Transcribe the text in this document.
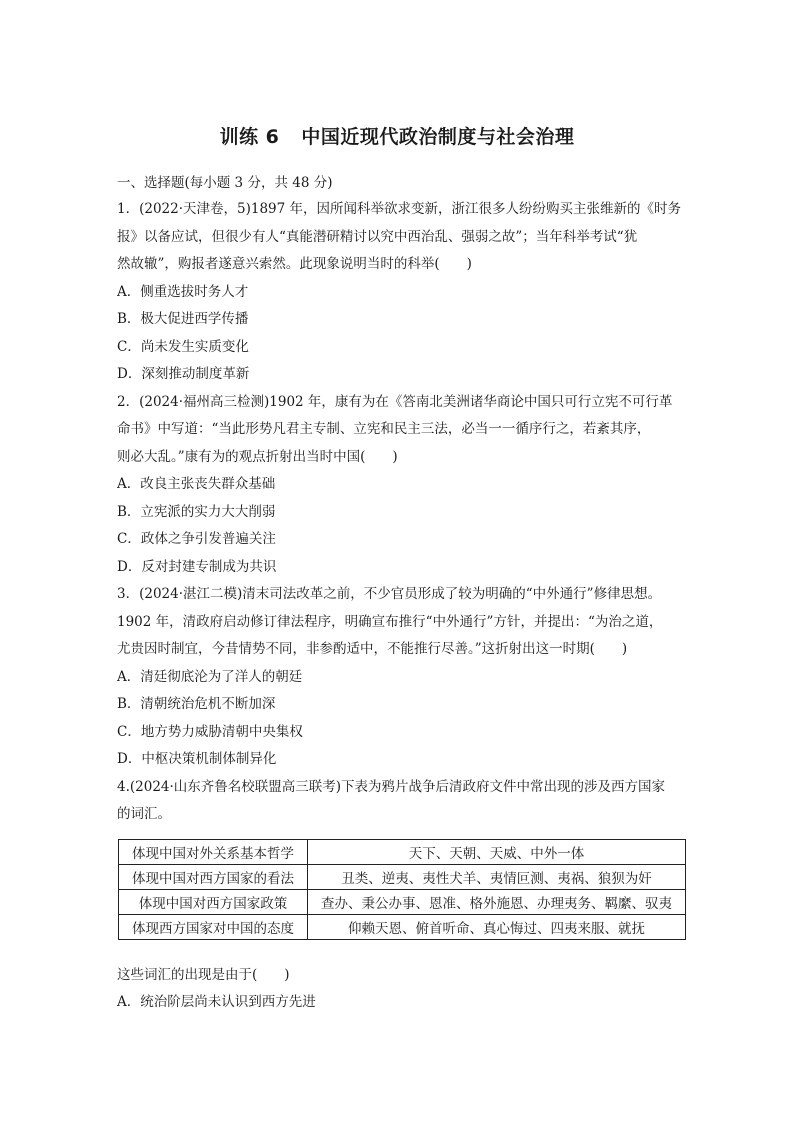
训练 6 中国近现代政治制度与社会治理
一、选择题(每小题 3 分，共 48 分)
1．(2022·天津卷，5)1897 年，因所闻科举欲求变新，浙江很多人纷纷购买主张维新的《时务
报》以备应试，但很少有人“真能潜研精讨以究中西治乱、强弱之故”；当年科举考试“犹
然故辙”，购报者遂意兴索然。此现象说明当时的科举(　　)
A．侧重选拔时务人才
B．极大促进西学传播
C．尚未发生实质变化
D．深刻推动制度革新
2．(2024·福州高三检测)1902 年，康有为在《答南北美洲诸华商论中国只可行立宪不可行革
命书》中写道：“当此形势凡君主专制、立宪和民主三法，必当一一循序行之，若紊其序，
则必大乱。”康有为的观点折射出当时中国(　　)
A．改良主张丧失群众基础
B．立宪派的实力大大削弱
C．政体之争引发普遍关注
D．反对封建专制成为共识
3．(2024·湛江二模)清末司法改革之前，不少官员形成了较为明确的“中外通行”修律思想。
1902 年，清政府启动修订律法程序，明确宣布推行“中外通行”方针，并提出：“为治之道，
尤贵因时制宜，今昔情势不同，非参酌适中，不能推行尽善。”这折射出这一时期(　　)
A．清廷彻底沦为了洋人的朝廷
B．清朝统治危机不断加深
C．地方势力威胁清朝中央集权
D．中枢决策机制体制异化
4.(2024·山东齐鲁名校联盟高三联考)下表为鸦片战争后清政府文件中常出现的涉及西方国家
的词汇。
体现中国对外关系基本哲学	天下、天朝、天威、中外一体
体现中国对西方国家的看法	丑类、逆夷、夷性犬羊、夷情叵测、夷祸、狼狈为奸
体现中国对西方国家政策	查办、秉公办事、恩准、格外施恩、办理夷务、羁縻、驭夷
体现西方国家对中国的态度	仰赖天恩、俯首听命、真心悔过、四夷来服、就抚
这些词汇的出现是由于(　　)
A．统治阶层尚未认识到西方先进
